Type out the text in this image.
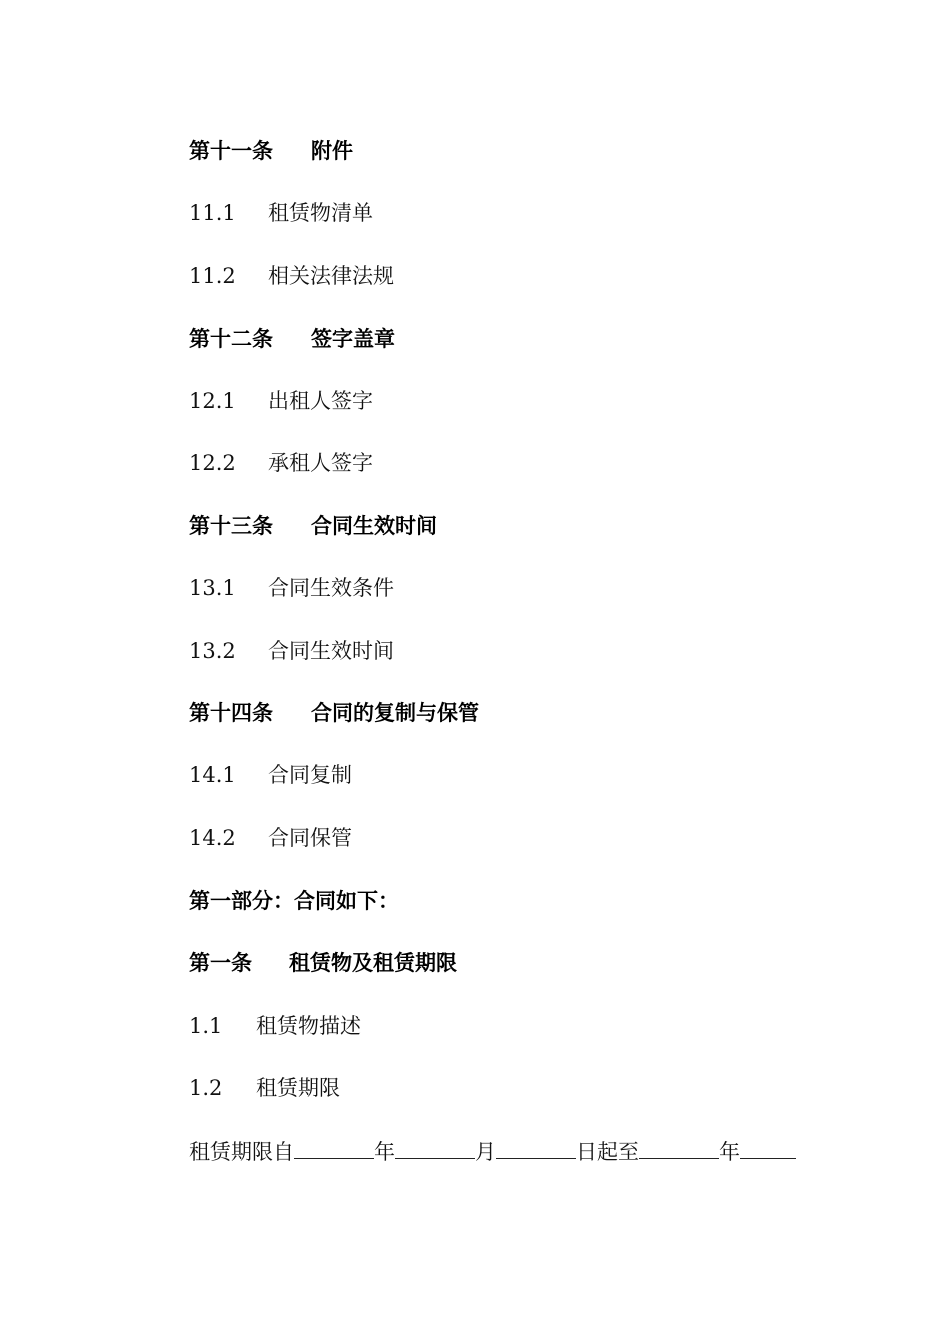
第十一条 附件
11.1 租赁物清单
11.2 相关法律法规
第十二条 签字盖章
12.1 出租人签字
12.2 承租人签字
第十三条 合同生效时间
13.1 合同生效条件
13.2 合同生效时间
第十四条 合同的复制与保管
14.1 合同复制
14.2 合同保管
第一部分：合同如下：
第一条 租赁物及租赁期限
1.1 租赁物描述
1.2 租赁期限
租赁期限自	年	月	日起至	年
